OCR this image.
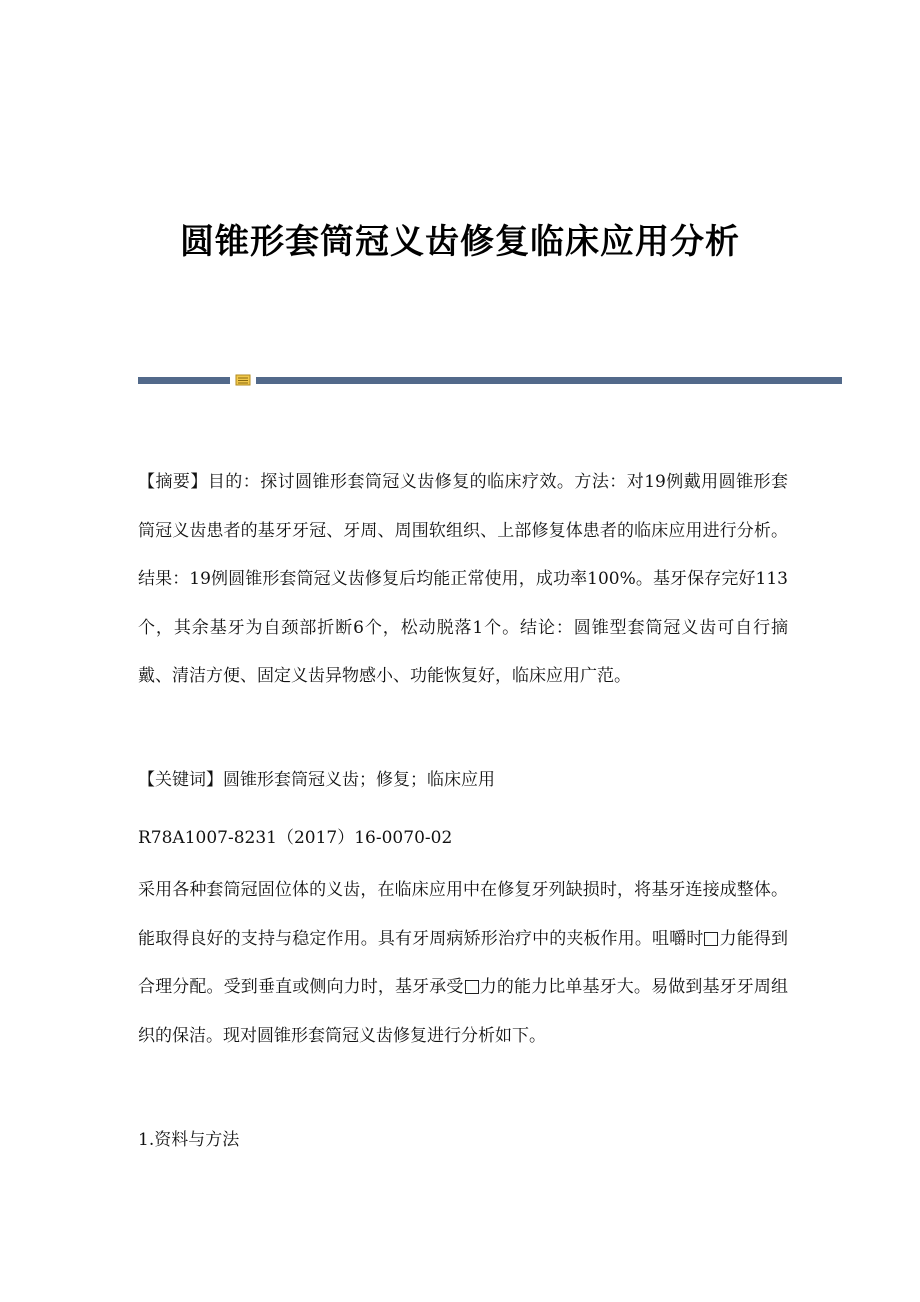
圆锥形套筒冠义齿修复临床应用分析

【摘要】目的：探讨圆锥形套筒冠义齿修复的临床疗效。方法：对19例戴用圆锥形套筒冠义齿患者的基牙牙冠、牙周、周围软组织、上部修复体患者的临床应用进行分析。结果：19例圆锥形套筒冠义齿修复后均能正常使用，成功率100%。基牙保存完好113个，其余基牙为自颈部折断6个，松动脱落1个。结论：圆锥型套筒冠义齿可自行摘戴、清洁方便、固定义齿异物感小、功能恢复好，临床应用广范。

【关键词】圆锥形套筒冠义齿；修复；临床应用

R78A1007-8231（2017）16-0070-02

采用各种套筒冠固位体的义齿，在临床应用中在修复牙列缺损时，将基牙连接成整体。能取得良好的支持与稳定作用。具有牙周病矫形治疗中的夹板作用。咀嚼时 力能得到合理分配。受到垂直或侧向力时，基牙承受 力的能力比单基牙大。易做到基牙牙周组织的保洁。现对圆锥形套筒冠义齿修复进行分析如下。

1.资料与方法
